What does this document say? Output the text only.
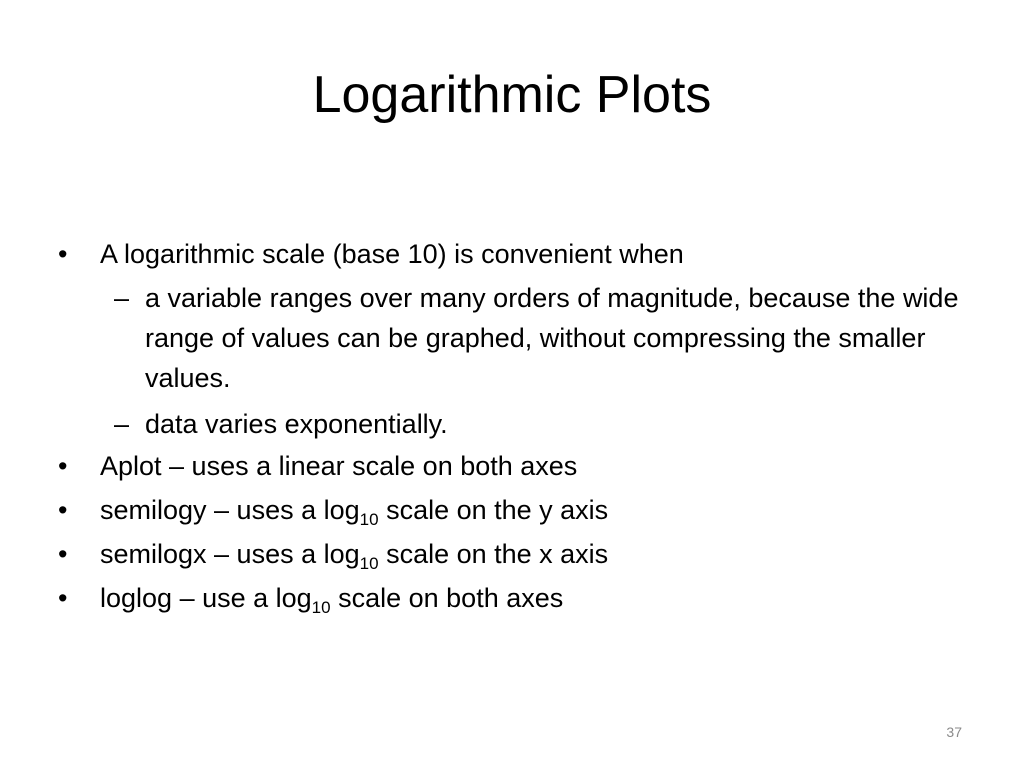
Logarithmic Plots
• A logarithmic scale (base 10) is convenient when
– a variable ranges over many orders of magnitude, because the wide range of values can be graphed, without compressing the smaller values.
– data varies exponentially.
• Aplot – uses a linear scale on both axes
• semilogy – uses a $\log_{10}$ scale on the y axis
• semilogx – uses a $\log_{10}$ scale on the x axis
• loglog – use a $\log_{10}$ scale on both axes
37
